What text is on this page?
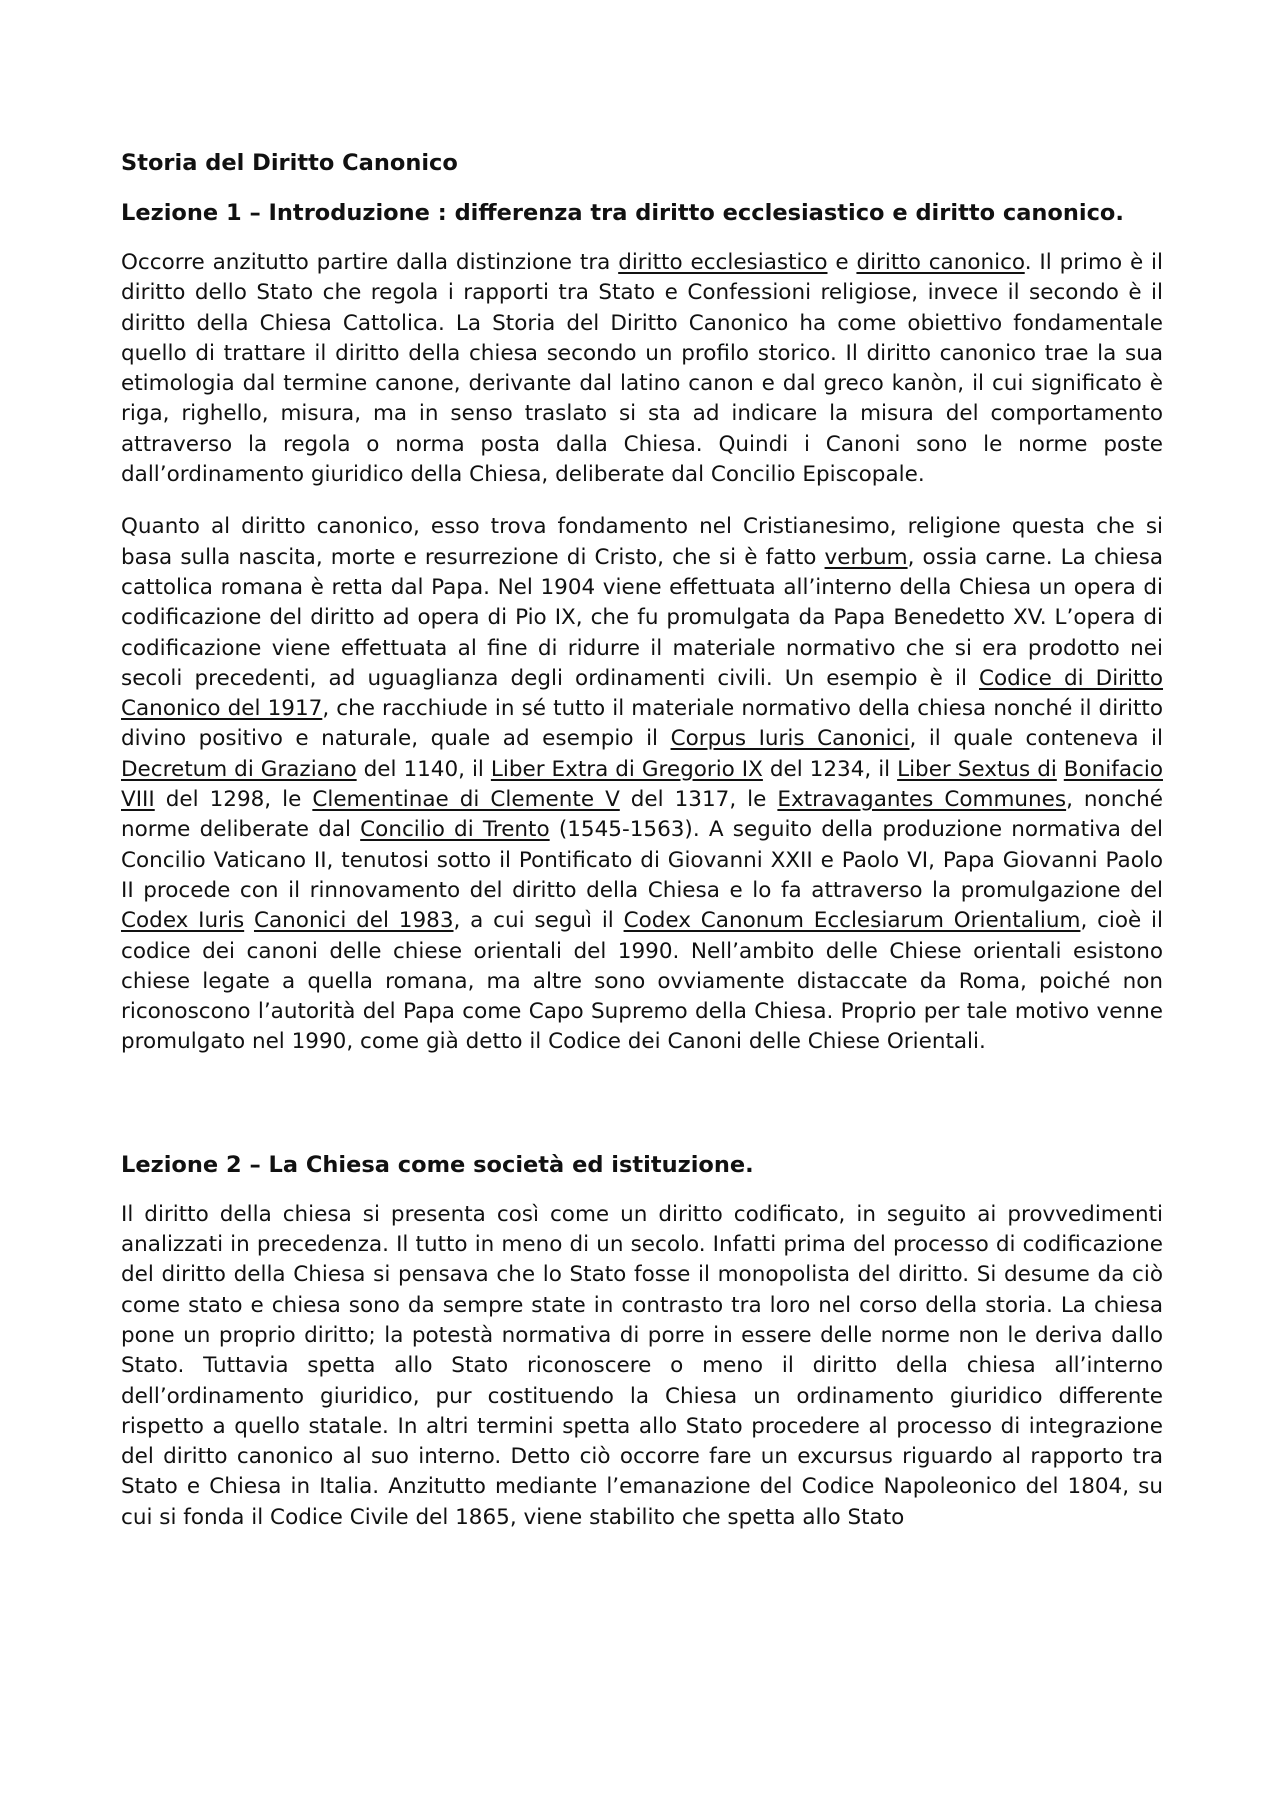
Storia del Diritto Canonico
Lezione 1 – Introduzione : differenza tra diritto ecclesiastico e diritto canonico.

Occorre anzitutto partire dalla distinzione tra diritto ecclesiastico e diritto canonico. Il primo è il diritto dello Stato che regola i rapporti tra Stato e Confessioni religiose, invece il secondo è il diritto della Chiesa Cattolica. La Storia del Diritto Canonico ha come obiettivo fondamentale quello di trattare il diritto della chiesa secondo un profilo storico. Il diritto canonico trae la sua etimologia dal termine canone, derivante dal latino canon e dal greco kanòn, il cui significato è riga, righello, misura, ma in senso traslato si sta ad indicare la misura del comportamento attraverso la regola o norma posta dalla Chiesa. Quindi i Canoni sono le norme poste dall’ordinamento giuridico della Chiesa, deliberate dal Concilio Episcopale.

Quanto al diritto canonico, esso trova fondamento nel Cristianesimo, religione questa che si basa sulla nascita, morte e resurrezione di Cristo, che si è fatto verbum, ossia carne. La chiesa cattolica romana è retta dal Papa. Nel 1904 viene effettuata all’interno della Chiesa un opera di codificazione del diritto ad opera di Pio IX, che fu promulgata da Papa Benedetto XV. L’opera di codificazione viene effettuata al fine di ridurre il materiale normativo che si era prodotto nei secoli precedenti, ad uguaglianza degli ordinamenti civili. Un esempio è il Codice di Diritto Canonico del 1917, che racchiude in sé tutto il materiale normativo della chiesa nonché il diritto divino positivo e naturale, quale ad esempio il Corpus Iuris Canonici, il quale conteneva il Decretum di Graziano del 1140, il Liber Extra di Gregorio IX del 1234, il Liber Sextus di Bonifacio VIII del 1298, le Clementinae di Clemente V del 1317, le Extravagantes Communes, nonché norme deliberate dal Concilio di Trento (1545-1563). A seguito della produzione normativa del Concilio Vaticano II, tenutosi sotto il Pontificato di Giovanni XXII e Paolo VI, Papa Giovanni Paolo II procede con il rinnovamento del diritto della Chiesa e lo fa attraverso la promulgazione del Codex Iuris Canonici del 1983, a cui seguì il Codex Canonum Ecclesiarum Orientalium, cioè il codice dei canoni delle chiese orientali del 1990. Nell’ambito delle Chiese orientali esistono chiese legate a quella romana, ma altre sono ovviamente distaccate da Roma, poiché non riconoscono l’autorità del Papa come Capo Supremo della Chiesa. Proprio per tale motivo venne promulgato nel 1990, come già detto il Codice dei Canoni delle Chiese Orientali.

Lezione 2 – La Chiesa come società ed istituzione.

Il diritto della chiesa si presenta così come un diritto codificato, in seguito ai provvedimenti analizzati in precedenza. Il tutto in meno di un secolo. Infatti prima del processo di codificazione del diritto della Chiesa si pensava che lo Stato fosse il monopolista del diritto. Si desume da ciò come stato e chiesa sono da sempre state in contrasto tra loro nel corso della storia. La chiesa pone un proprio diritto; la potestà normativa di porre in essere delle norme non le deriva dallo Stato. Tuttavia spetta allo Stato riconoscere o meno il diritto della chiesa all’interno dell’ordinamento giuridico, pur costituendo la Chiesa un ordinamento giuridico differente rispetto a quello statale. In altri termini spetta allo Stato procedere al processo di integrazione del diritto canonico al suo interno. Detto ciò occorre fare un excursus riguardo al rapporto tra Stato e Chiesa in Italia. Anzitutto mediante l’emanazione del Codice Napoleonico del 1804, su cui si fonda il Codice Civile del 1865, viene stabilito che spetta allo Stato
